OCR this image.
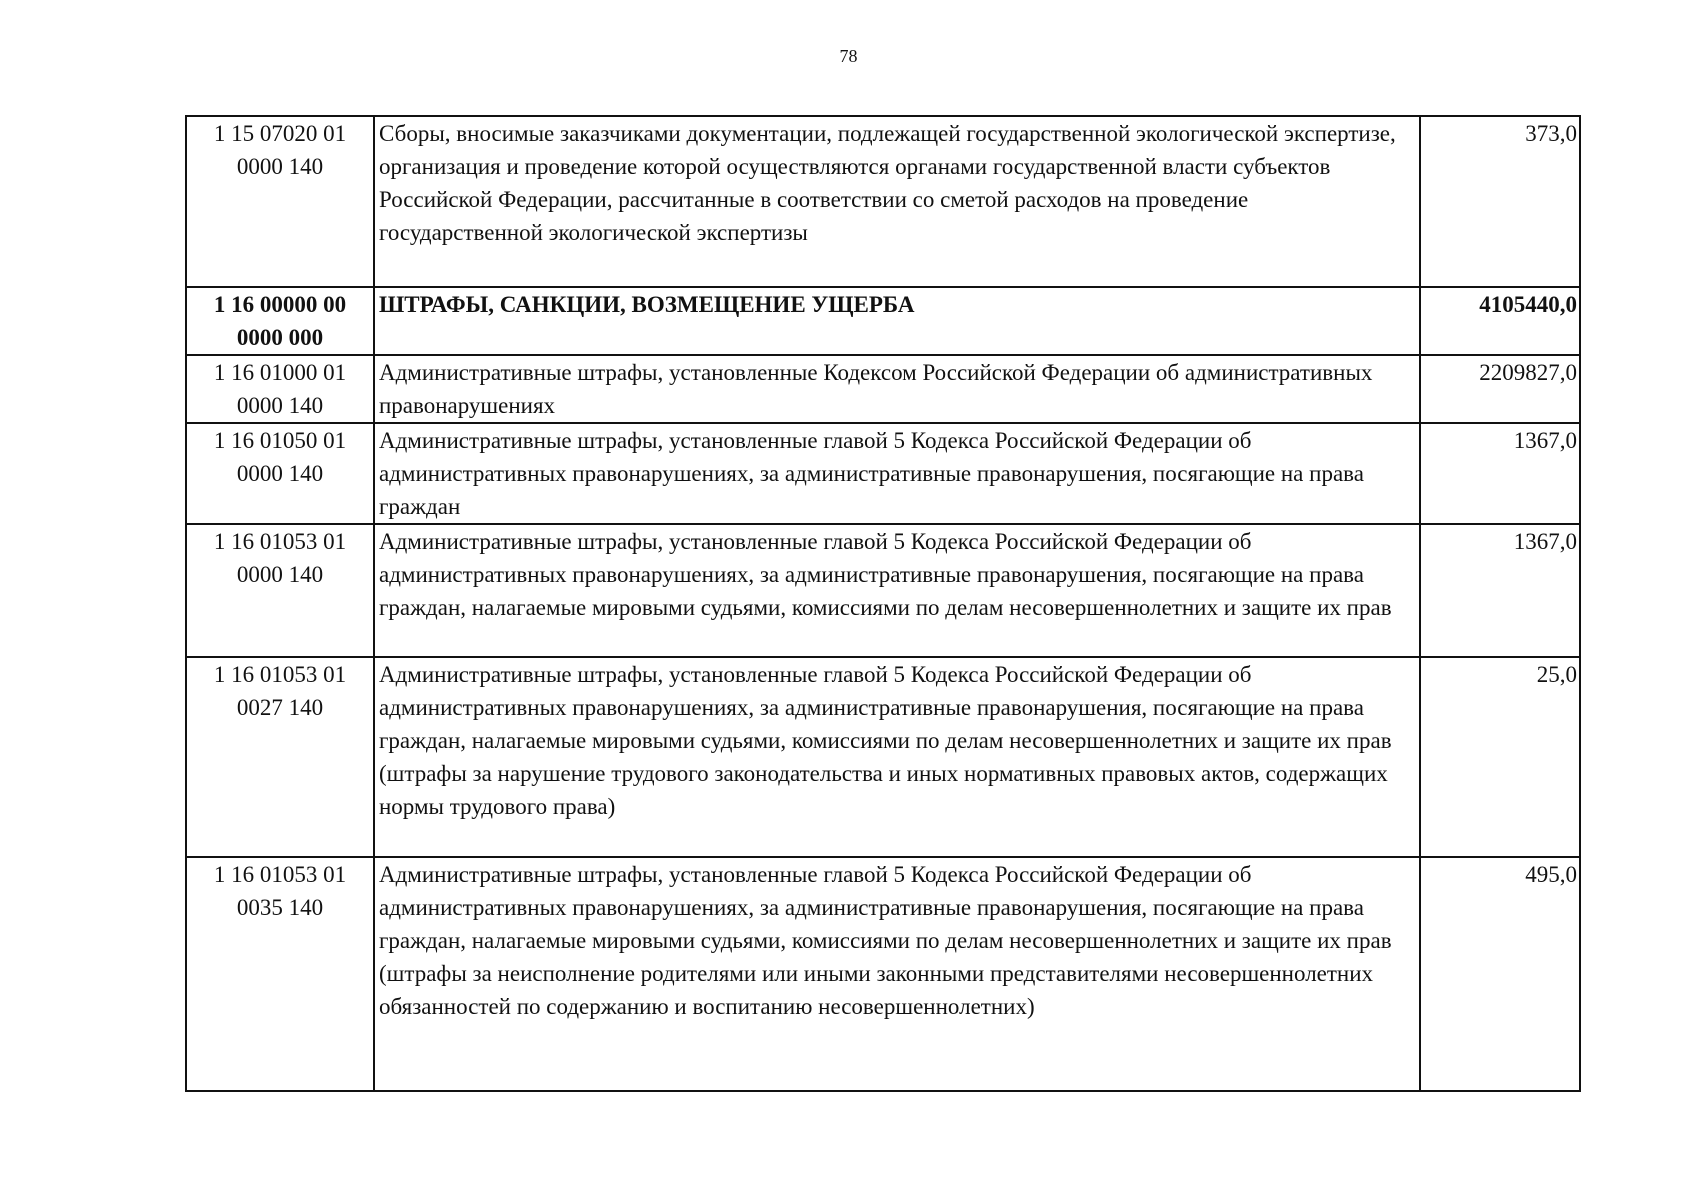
78
1 15 07020 01
0000 140	Сборы, вносимые заказчиками документации, подлежащей государственной экологической экспертизе, организация и проведение которой осуществляются органами государственной власти субъектов Российской Федерации, рассчитанные в соответствии со сметой расходов на проведение государственной экологической экспертизы	373,0
1 16 00000 00
0000 000	ШТРАФЫ, САНКЦИИ, ВОЗМЕЩЕНИЕ УЩЕРБА	4105440,0
1 16 01000 01
0000 140	Административные штрафы, установленные Кодексом Российской Федерации об административных правонарушениях	2209827,0
1 16 01050 01
0000 140	Административные штрафы, установленные главой 5 Кодекса Российской Федерации об административных правонарушениях, за административные правонарушения, посягающие на права граждан	1367,0
1 16 01053 01
0000 140	Административные штрафы, установленные главой 5 Кодекса Российской Федерации об административных правонарушениях, за административные правонарушения, посягающие на права граждан, налагаемые мировыми судьями, комиссиями по делам несовершеннолетних и защите их прав	1367,0
1 16 01053 01
0027 140	Административные штрафы, установленные главой 5 Кодекса Российской Федерации об административных правонарушениях, за административные правонарушения, посягающие на права граждан, налагаемые мировыми судьями, комиссиями по делам несовершеннолетних и защите их прав (штрафы за нарушение трудового законодательства и иных нормативных правовых актов, содержащих нормы трудового права)	25,0
1 16 01053 01
0035 140	Административные штрафы, установленные главой 5 Кодекса Российской Федерации об административных правонарушениях, за административные правонарушения, посягающие на права граждан, налагаемые мировыми судьями, комиссиями по делам несовершеннолетних и защите их прав (штрафы за неисполнение родителями или иными законными представителями несовершеннолетних обязанностей по содержанию и воспитанию несовершеннолетних)	495,0
